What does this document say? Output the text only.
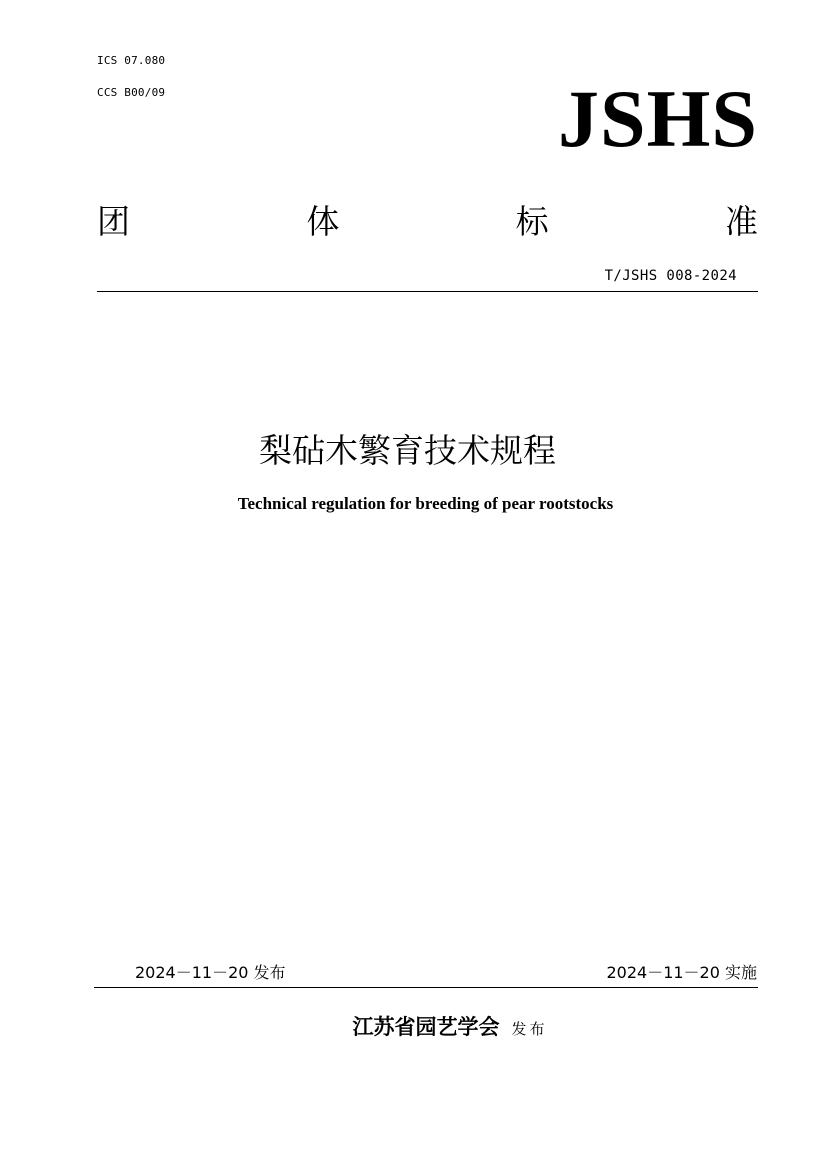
ICS 07.080
CCS B00/09	JSHS
团	体	标	准
T/JSHS 008-2024
梨砧木繁育技术规程
Technical regulation for breeding of pear rootstocks
2024－11－20 发布	2024－11－20 实施
江苏省园艺学会 发布
